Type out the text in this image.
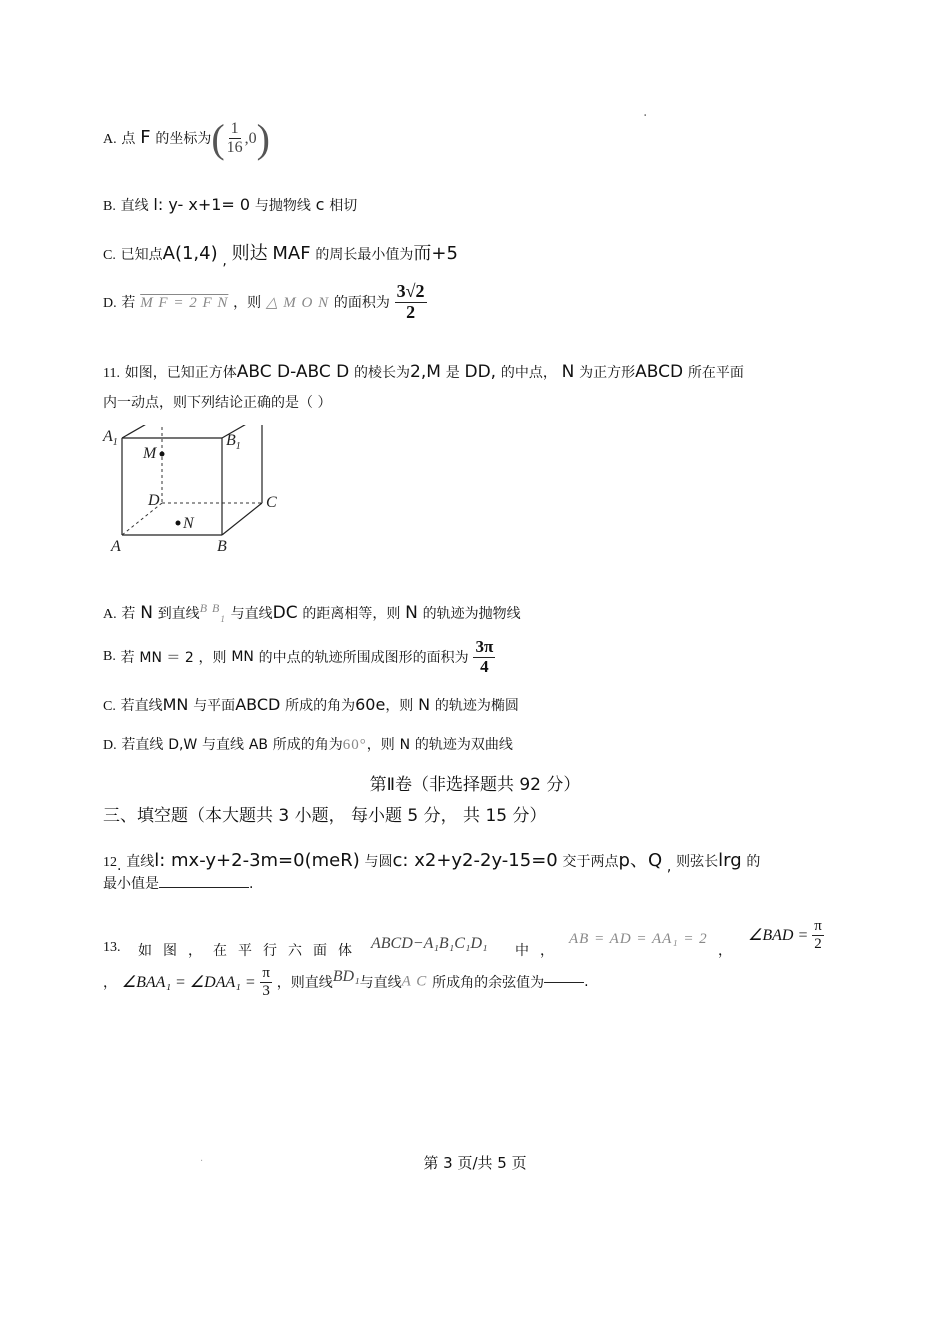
.
A. 点 F 的坐标为( $\frac{1}{16} ,0$)
B. 直线 l: y- x+1= 0 与抛物线 c 相切
C. 已知点A(1,4) , 则达 MAF 的周长最小值为而+5
D. 若 M F = 2 F N ，则 △ M O N 的面积为 $\frac{3√2}{2}$
11. 如图，已知正方体ABC D-ABC D 的棱长为2,M 是 DD, 的中点， N 为正方形ABCD 所在平面
内一动点，则下列结论正确的是（ ）
$A_1$	$B_1$
M
D	C
N
A	B
A. 若 N 到直线$^{B B}_1$ 与直线DC 的距离相等，则 N 的轨迹为抛物线
B. 若 MN ＝ 2 ，则 MN 的中点的轨迹所围成图形的面积为 $\frac{3\pi}{4}$
C. 若直线MN 与平面ABCD 所成的角为60e，则 N 的轨迹为椭圆
D. 若直线 D,W 与直线 AB 所成的角为60°，则 N 的轨迹为双曲线
第Ⅱ卷（非选择题共 92 分）
三、填空题（本大题共 3 小题， 每小题 5 分， 共 15 分）
12. 直线l: mx-y+2-3m=0(meR) 与圆c: x2+y2-2y-15=0 交于两点p、Q , 则弦长lrg 的
最小值是	.
13. 如图，在平行六面体 ABCD−A₁B₁C₁D₁ 中，
AB = AD = AA₁ = 2
，
∠BAD = $\frac{\pi}{2}$
， ∠BAA₁ = ∠DAA₁ = $\frac{\pi}{3}$ ，则直线BD₁与直线A C 所成角的余弦值为	.
.	第 3 页/共 5 页
